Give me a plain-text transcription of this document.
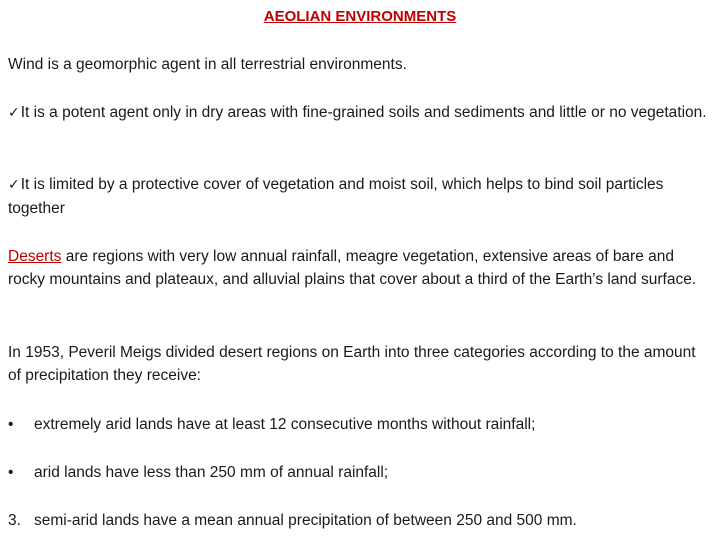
AEOLIAN ENVIRONMENTS

Wind is a geomorphic agent in all terrestrial environments.

✓It is a potent agent only in dry areas with fine-grained soils and sediments and little or no vegetation.

✓It is limited by a protective cover of vegetation and moist soil, which helps to bind soil particles together

Deserts are regions with very low annual rainfall, meagre vegetation, extensive areas of bare and rocky mountains and plateaux, and alluvial plains that cover about a third of the Earth’s land surface.

In 1953, Peveril Meigs divided desert regions on Earth into three categories according to the amount of precipitation they receive:

• extremely arid lands have at least 12 consecutive months without rainfall;

• arid lands have less than 250 mm of annual rainfall;

3. semi-arid lands have a mean annual precipitation of between 250 and 500 mm.
